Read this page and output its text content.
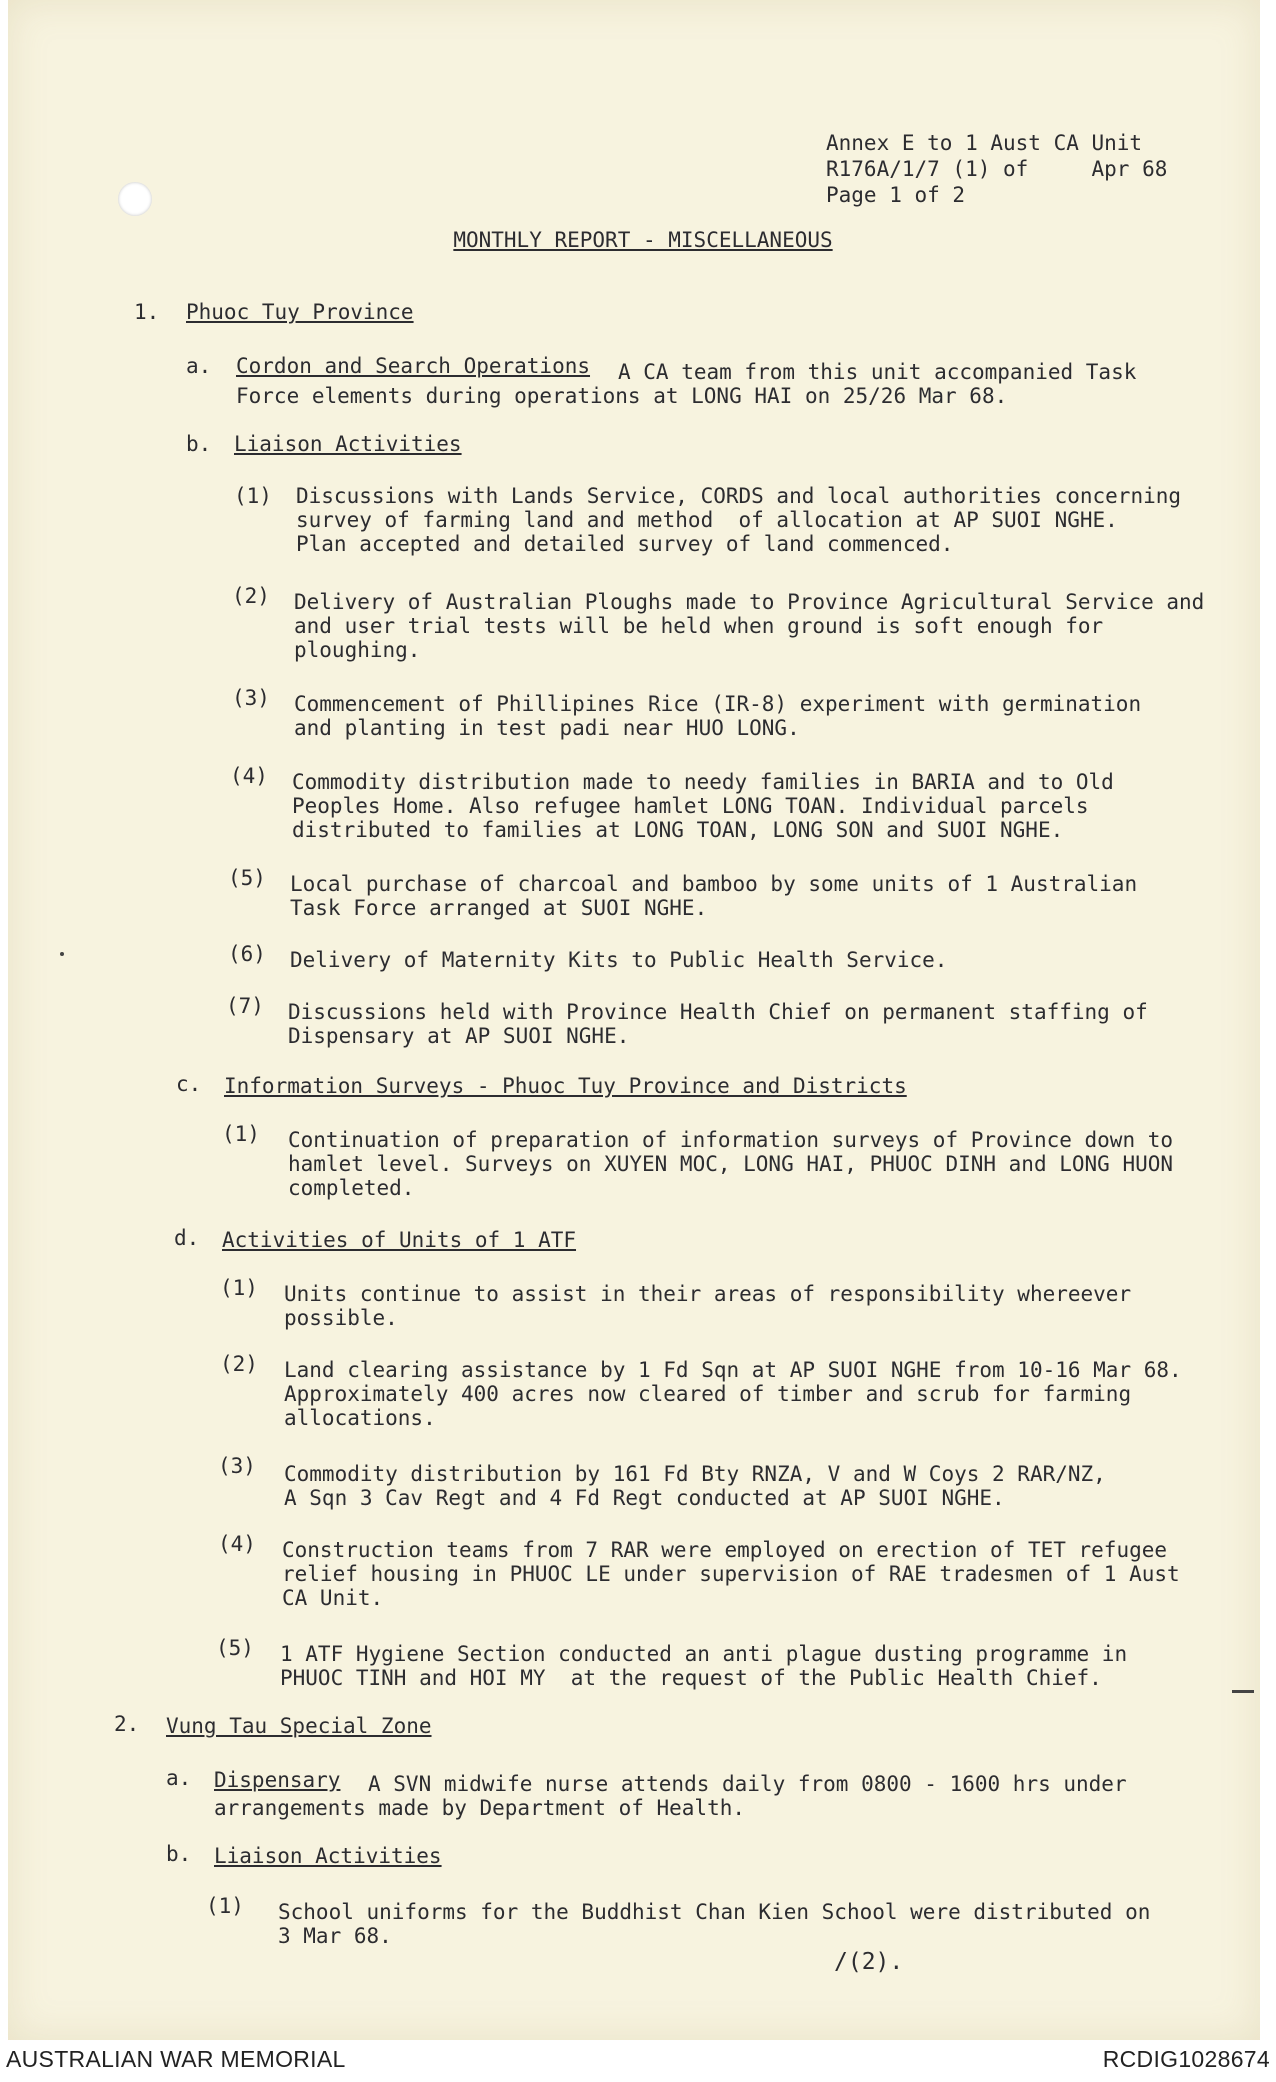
Annex E to 1 Aust CA Unit
R176A/1/7 (1) of     Apr 68
Page 1 of 2
MONTHLY REPORT - MISCELLANEOUS
1. Phuoc Tuy Province
a. Cordon and Search Operations A CA team from this unit accompanied Task
Force elements during operations at LONG HAI on 25/26 Mar 68.
b. Liaison Activities
(1) Discussions with Lands Service, CORDS and local authorities concerning
survey of farming land and method  of allocation at AP SUOI NGHE.
Plan accepted and detailed survey of land commenced.
(2) Delivery of Australian Ploughs made to Province Agricultural Service and
and user trial tests will be held when ground is soft enough for
ploughing.
(3) Commencement of Phillipines Rice (IR-8) experiment with germination
and planting in test padi near HUO LONG.
(4) Commodity distribution made to needy families in BARIA and to Old
Peoples Home. Also refugee hamlet LONG TOAN. Individual parcels
distributed to families at LONG TOAN, LONG SON and SUOI NGHE.
(5) Local purchase of charcoal and bamboo by some units of 1 Australian
Task Force arranged at SUOI NGHE.
(6) Delivery of Maternity Kits to Public Health Service.
(7) Discussions held with Province Health Chief on permanent staffing of
Dispensary at AP SUOI NGHE.
c. Information Surveys - Phuoc Tuy Province and Districts
(1) Continuation of preparation of information surveys of Province down to
hamlet level. Surveys on XUYEN MOC, LONG HAI, PHUOC DINH and LONG HUON
completed.
d. Activities of Units of 1 ATF
(1) Units continue to assist in their areas of responsibility whereever
possible.
(2) Land clearing assistance by 1 Fd Sqn at AP SUOI NGHE from 10-16 Mar 68.
Approximately 400 acres now cleared of timber and scrub for farming
allocations.
(3) Commodity distribution by 161 Fd Bty RNZA, V and W Coys 2 RAR/NZ,
A Sqn 3 Cav Regt and 4 Fd Regt conducted at AP SUOI NGHE.
(4) Construction teams from 7 RAR were employed on erection of TET refugee
relief housing in PHUOC LE under supervision of RAE tradesmen of 1 Aust
CA Unit.
(5) 1 ATF Hygiene Section conducted an anti plague dusting programme in
PHUOC TINH and HOI MY  at the request of the Public Health Chief.
2. Vung Tau Special Zone
a. Dispensary A SVN midwife nurse attends daily from 0800 - 1600 hrs under
arrangements made by Department of Health.
b. Liaison Activities
(1) School uniforms for the Buddhist Chan Kien School were distributed on
3 Mar 68.
/(2).
AUSTRALIAN WAR MEMORIAL	RCDIG1028674
